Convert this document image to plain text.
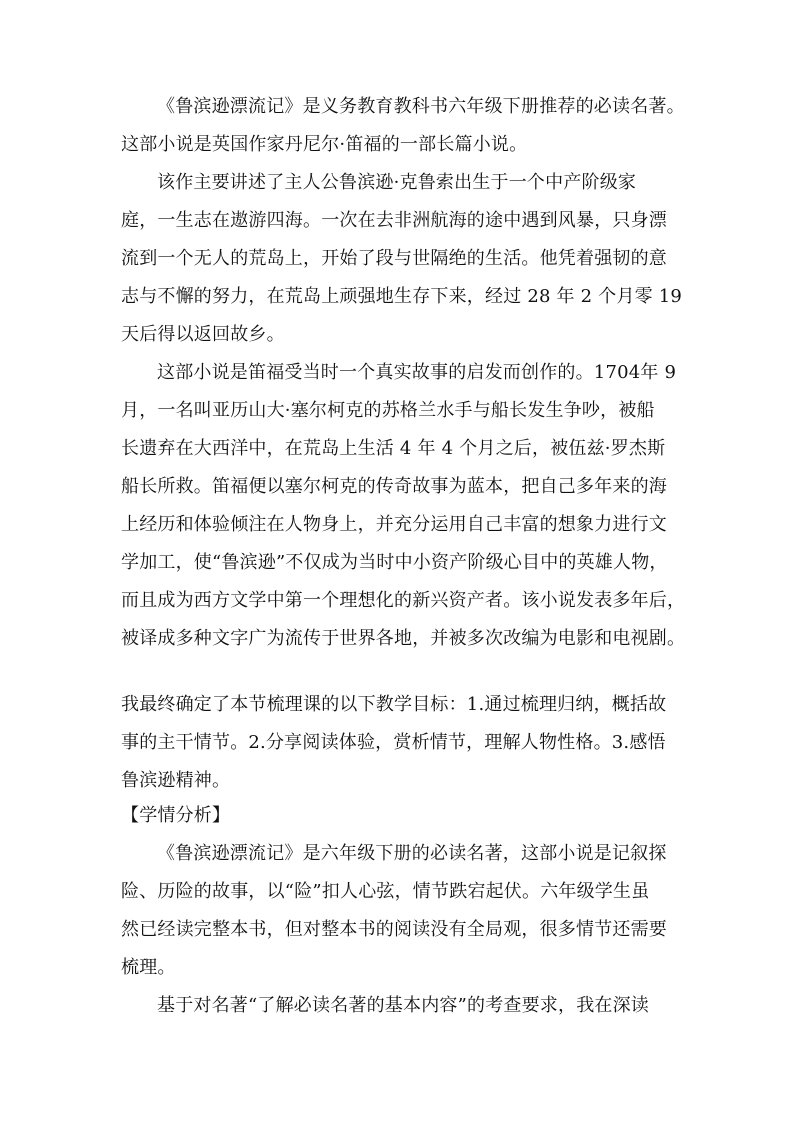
《鲁滨逊漂流记》是义务教育教科书六年级下册推荐的必读名著。

这部小说是英国作家丹尼尔·笛福的一部长篇小说。

该作主要讲述了主人公鲁滨逊·克鲁索出生于一个中产阶级家

庭，一生志在遨游四海。一次在去非洲航海的途中遇到风暴，只身漂

流到一个无人的荒岛上，开始了段与世隔绝的生活。他凭着强韧的意

志与不懈的努力，在荒岛上顽强地生存下来，经过 28 年 2 个月零 19

天后得以返回故乡。

这部小说是笛福受当时一个真实故事的启发而创作的。1704年 9

月，一名叫亚历山大·塞尔柯克的苏格兰水手与船长发生争吵，被船

长遗弃在大西洋中，在荒岛上生活 4 年 4 个月之后，被伍兹·罗杰斯

船长所救。笛福便以塞尔柯克的传奇故事为蓝本，把自己多年来的海

上经历和体验倾注在人物身上，并充分运用自己丰富的想象力进行文

学加工，使“鲁滨逊”不仅成为当时中小资产阶级心目中的英雄人物，

而且成为西方文学中第一个理想化的新兴资产者。该小说发表多年后，

被译成多种文字广为流传于世界各地，并被多次改编为电影和电视剧。

我最终确定了本节梳理课的以下教学目标：1.通过梳理归纳，概括故

事的主干情节。2.分享阅读体验，赏析情节，理解人物性格。3.感悟

鲁滨逊精神。

【学情分析】

《鲁滨逊漂流记》是六年级下册的必读名著，这部小说是记叙探

险、历险的故事，以“险”扣人心弦，情节跌宕起伏。六年级学生虽

然已经读完整本书，但对整本书的阅读没有全局观，很多情节还需要

梳理。

基于对名著“了解必读名著的基本内容”的考查要求，我在深读
